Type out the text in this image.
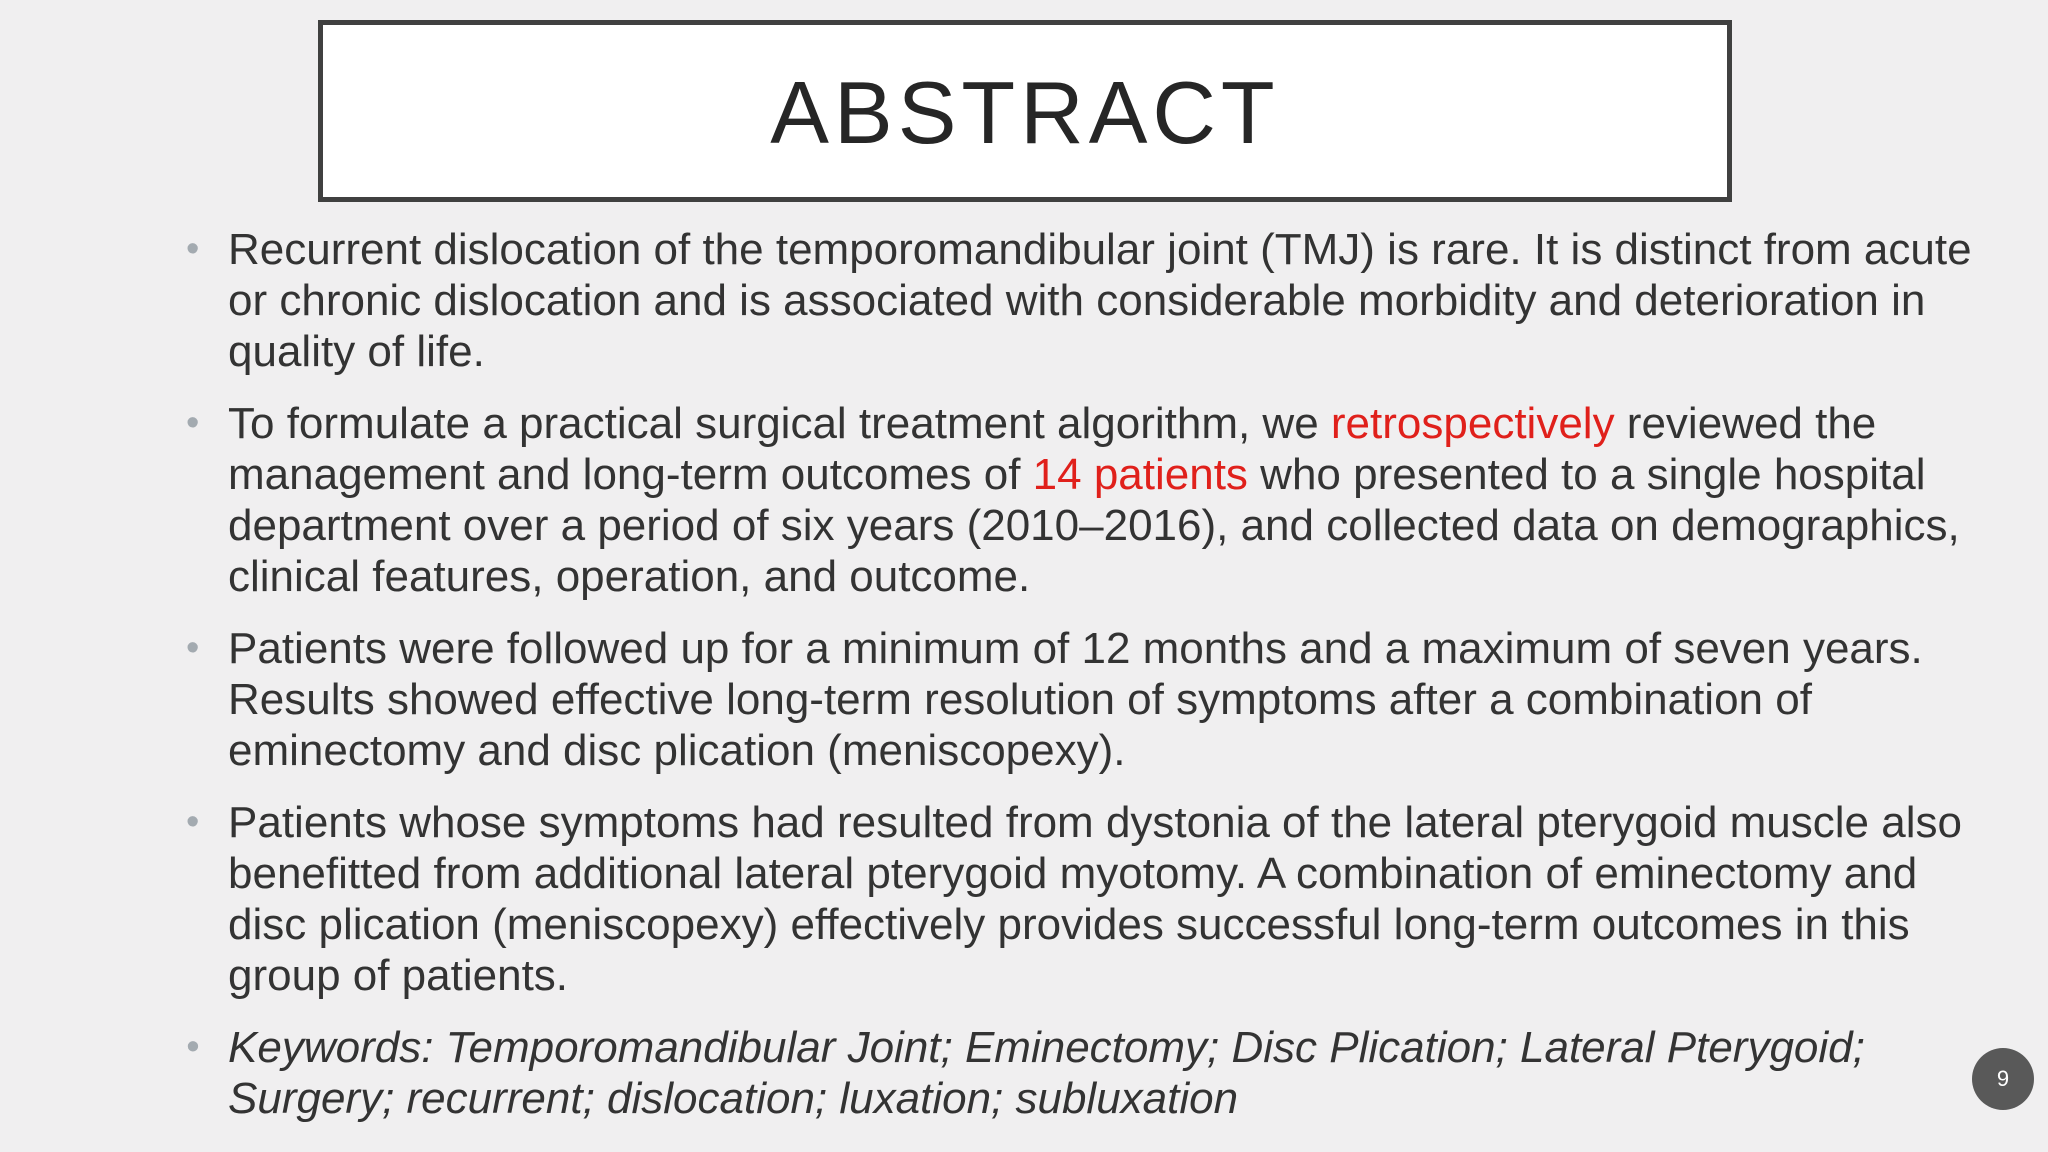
ABSTRACT
• Recurrent dislocation of the temporomandibular joint (TMJ) is rare. It is distinct from acute or chronic dislocation and is associated with considerable morbidity and deterioration in quality of life.
• To formulate a practical surgical treatment algorithm, we retrospectively reviewed the management and long-term outcomes of 14 patients who presented to a single hospital department over a period of six years (2010–2016), and collected data on demographics, clinical features, operation, and outcome.
• Patients were followed up for a minimum of 12 months and a maximum of seven years. Results showed effective long-term resolution of symptoms after a combination of eminectomy and disc plication (meniscopexy).
• Patients whose symptoms had resulted from dystonia of the lateral pterygoid muscle also benefitted from additional lateral pterygoid myotomy. A combination of eminectomy and disc plication (meniscopexy) effectively provides successful long-term outcomes in this group of patients.
• Keywords: Temporomandibular Joint; Eminectomy; Disc Plication; Lateral Pterygoid; Surgery; recurrent; dislocation; luxation; subluxation	9
